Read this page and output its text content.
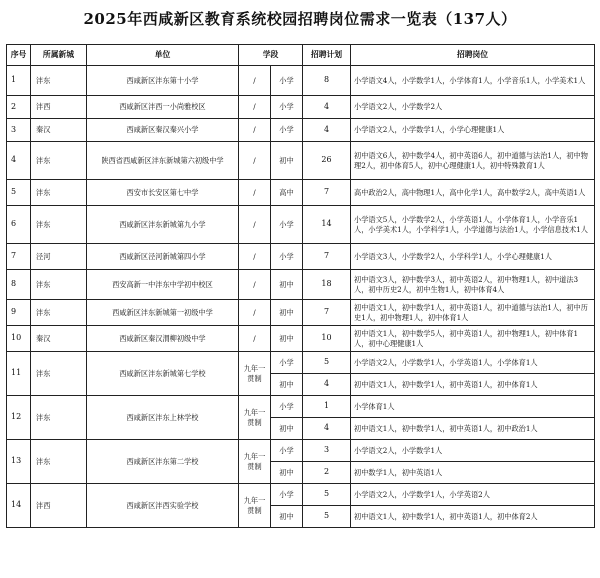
2025年西咸新区教育系统校园招聘岗位需求一览表（137人）
序号	所属新城	单位	学段		招聘计划	招聘岗位
1	沣东	西咸新区沣东第十小学	/	小学	8	小学语文4人，小学数学1人，小学体育1人，小学音乐1人，小学美术1人
2	沣西	西咸新区沣西一小尚雅校区	/	小学	4	小学语文2人，小学数学2人
3	秦汉	西咸新区秦汉秦兴小学	/	小学	4	小学语文2人，小学数学1人，小学心理健康1人
4	沣东	陕西省西咸新区沣东新城第六初级中学	/	初中	26	初中语文6人，初中数学4人，初中英语6人，初中道德与法治1人，初中物理2人，初中体育5人，初中心理健康1人，初中特殊教育1人
5	沣东	西安市长安区第七中学	/	高中	7	高中政治2人，高中物理1人，高中化学1人，高中数学2人，高中英语1人
6	沣东	西咸新区沣东新城第九小学	/	小学	14	小学语文5人，小学数学2人，小学英语1人，小学体育1人，小学音乐1人，小学美术1人，小学科学1人，小学道德与法治1人，小学信息技术1人
7	泾河	西咸新区泾河新城第四小学	/	小学	7	小学语文3人，小学数学2人，小学科学1人，小学心理健康1人
8	沣东	西安高新一中沣东中学初中校区	/	初中	18	初中语文3人，初中数学3人，初中英语2人，初中物理1人，初中道法3人，初中历史2人，初中生物1人，初中体育4人
9	沣东	西咸新区沣东新城第一初级中学	/	初中	7	初中语文1人，初中数学1人，初中英语1人，初中道德与法治1人，初中历史1人，初中物理1人，初中体育1人
10	秦汉	西咸新区秦汉渭柳初级中学	/	初中	10	初中语文1人，初中数学5人，初中英语1人，初中物理1人，初中体育1人，初中心理健康1人
11	沣东	西咸新区沣东新城第七学校	九年一贯制	小学	5	小学语文2人，小学数学1人，小学英语1人，小学体育1人
				初中	4	初中语文1人，初中数学1人，初中英语1人，初中体育1人
12	沣东	西咸新区沣东上林学校	九年一贯制	小学	1	小学体育1人
				初中	4	初中语文1人，初中数学1人，初中英语1人，初中政治1人
13	沣东	西咸新区沣东第二学校	九年一贯制	小学	3	小学语文2人，小学数学1人
				初中	2	初中数学1人，初中英语1人
14	沣西	西咸新区沣西实验学校	九年一贯制	小学	5	小学语文2人，小学数学1人，小学英语2人
				初中	5	初中语文1人，初中数学1人，初中英语1人，初中体育2人
